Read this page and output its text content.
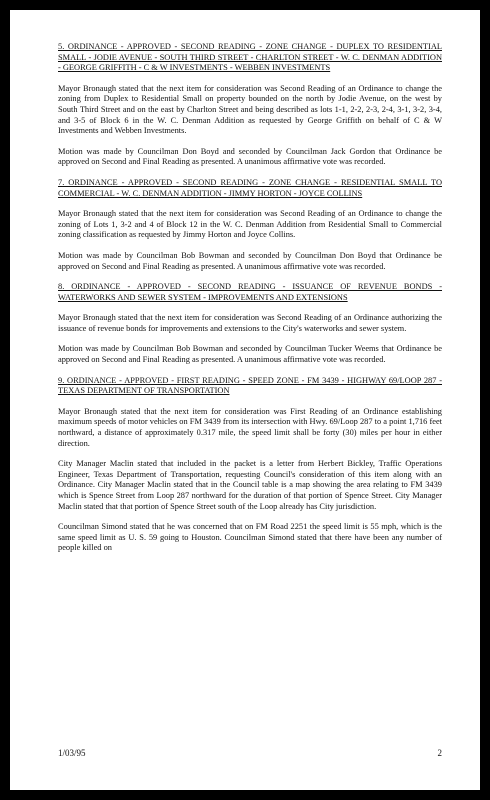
5. ORDINANCE - APPROVED - SECOND READING - ZONE CHANGE - DUPLEX TO RESIDENTIAL SMALL - JODIE AVENUE - SOUTH THIRD STREET - CHARLTON STREET - W. C. DENMAN ADDITION - GEORGE GRIFFITH - C & W INVESTMENTS - WEBBEN INVESTMENTS
Mayor Bronaugh stated that the next item for consideration was Second Reading of an Ordinance to change the zoning from Duplex to Residential Small on property bounded on the north by Jodie Avenue, on the west by South Third Street and on the east by Charlton Street and being described as lots 1-1, 2-2, 2-3, 2-4, 3-1, 3-2, 3-4, and 3-5 of Block 6 in the W. C. Denman Addition as requested by George Griffith on behalf of C & W Investments and Webben Investments.
Motion was made by Councilman Don Boyd and seconded by Councilman Jack Gordon that Ordinance be approved on Second and Final Reading as presented. A unanimous affirmative vote was recorded.
7. ORDINANCE - APPROVED - SECOND READING - ZONE CHANGE - RESIDENTIAL SMALL TO COMMERCIAL - W. C. DENMAN ADDITION - JIMMY HORTON - JOYCE COLLINS
Mayor Bronaugh stated that the next item for consideration was Second Reading of an Ordinance to change the zoning of Lots 1, 3-2 and 4 of Block 12 in the W. C. Denman Addition from Residential Small to Commercial zoning classification as requested by Jimmy Horton and Joyce Collins.
Motion was made by Councilman Bob Bowman and seconded by Councilman Don Boyd that Ordinance be approved on Second and Final Reading as presented. A unanimous affirmative vote was recorded.
8. ORDINANCE - APPROVED - SECOND READING - ISSUANCE OF REVENUE BONDS - WATERWORKS AND SEWER SYSTEM - IMPROVEMENTS AND EXTENSIONS
Mayor Bronaugh stated that the next item for consideration was Second Reading of an Ordinance authorizing the issuance of revenue bonds for improvements and extensions to the City's waterworks and sewer system.
Motion was made by Councilman Bob Bowman and seconded by Councilman Tucker Weems that Ordinance be approved on Second and Final Reading as presented. A unanimous affirmative vote was recorded.
9. ORDINANCE - APPROVED - FIRST READING - SPEED ZONE - FM 3439 - HIGHWAY 69/LOOP 287 - TEXAS DEPARTMENT OF TRANSPORTATION
Mayor Bronaugh stated that the next item for consideration was First Reading of an Ordinance establishing maximum speeds of motor vehicles on FM 3439 from its intersection with Hwy. 69/Loop 287 to a point 1,716 feet northward, a distance of approximately 0.317 mile, the speed limit shall be forty (30) miles per hour in either direction.
City Manager Maclin stated that included in the packet is a letter from Herbert Bickley, Traffic Operations Engineer, Texas Department of Transportation, requesting Council's consideration of this item along with an Ordinance. City Manager Maclin stated that in the Council table is a map showing the area relating to FM 3439 which is Spence Street from Loop 287 northward for the duration of that portion of Spence Street. City Manager Maclin stated that that portion of Spence Street south of the Loop already has City jurisdiction.
Councilman Simond stated that he was concerned that on FM Road 2251 the speed limit is 55 mph, which is the same speed limit as U. S. 59 going to Houston. Councilman Simond stated that there have been any number of people killed on
1/03/95	2
